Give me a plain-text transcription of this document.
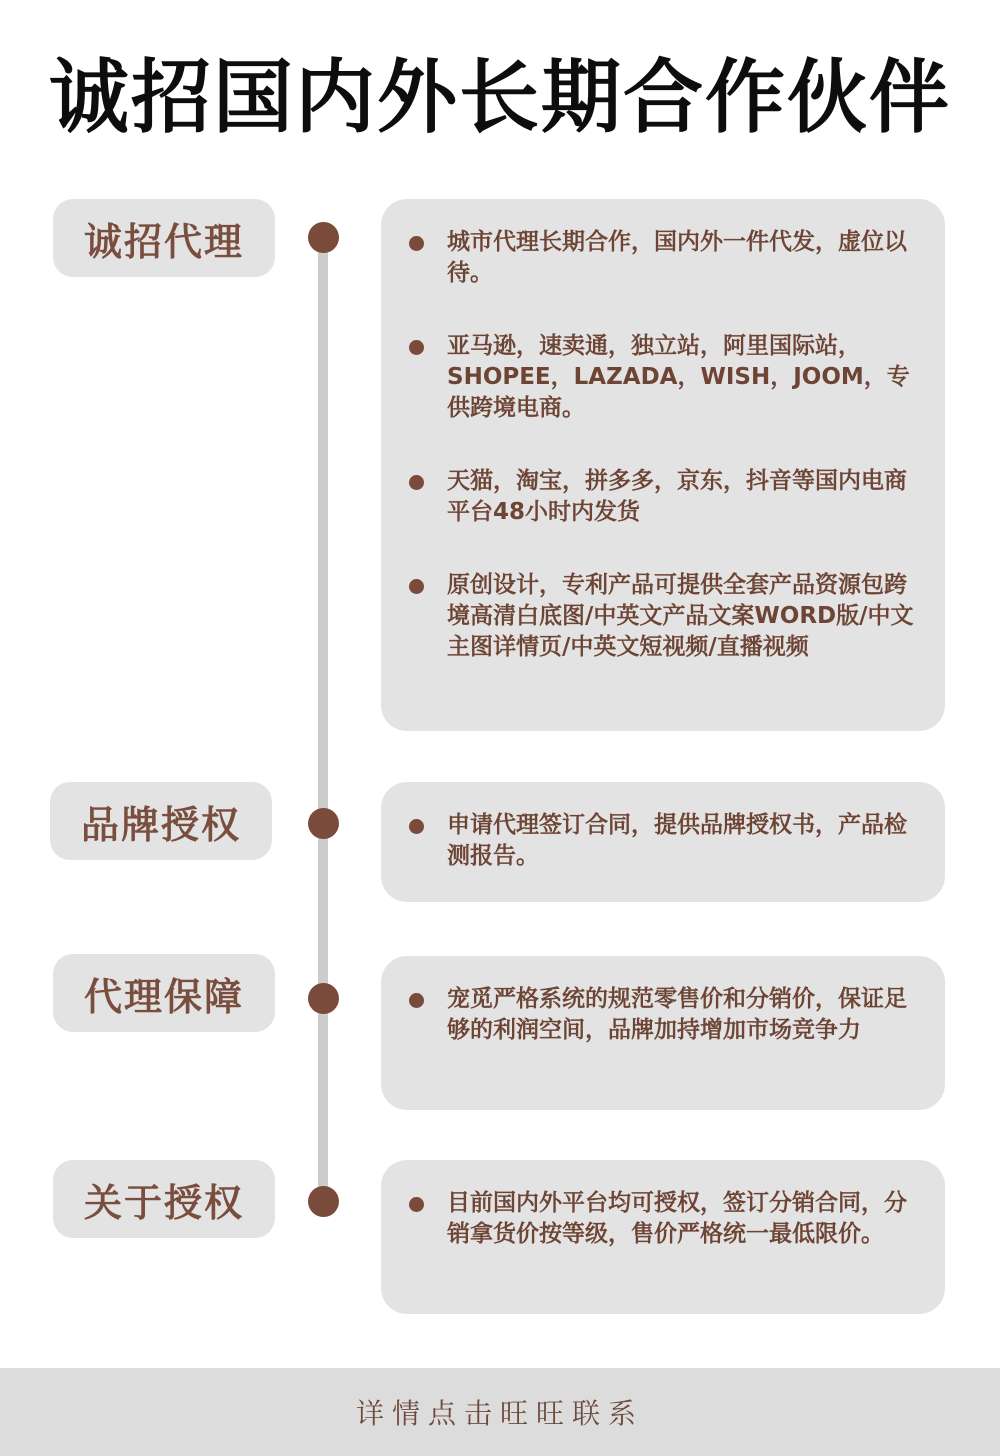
诚招国内外长期合作伙伴
诚招代理	城市代理长期合作，国内外一件代发，虚位以待。
亚马逊，速卖通，独立站，阿里国际站，SHOPEE，LAZADA，WISH，JOOM，专供跨境电商。
天猫，淘宝，拼多多，京东，抖音等国内电商平台48小时内发货
原创设计，专利产品可提供全套产品资源包跨境高清白底图/中英文产品文案WORD版/中文主图详情页/中英文短视频/直播视频
品牌授权	申请代理签订合同，提供品牌授权书，产品检测报告。
代理保障	宠觅严格系统的规范零售价和分销价，保证足够的利润空间，品牌加持增加市场竞争力
关于授权	目前国内外平台均可授权，签订分销合同，分销拿货价按等级，售价严格统一最低限价。
详情点击旺旺联系
